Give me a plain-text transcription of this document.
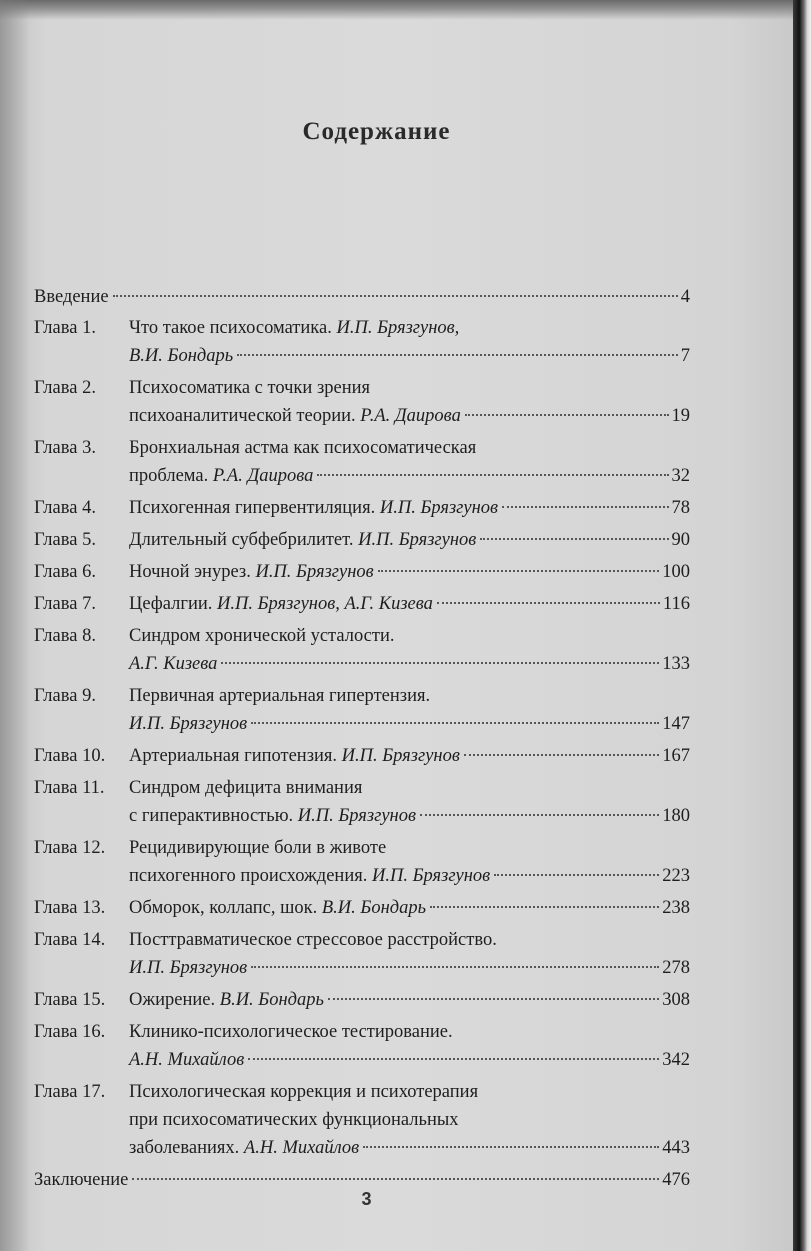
Содержание
Введение	4
Глава 1.	Что такое психосоматика. И.П. Брязгунов,
В.И. Бондарь	7
Глава 2.	Психосоматика с точки зрения
психоаналитической теории. Р.А. Даирова	19
Глава 3.	Бронхиальная астма как психосоматическая
проблема. Р.А. Даирова	32
Глава 4.	Психогенная гипервентиляция. И.П. Брязгунов	78
Глава 5.	Длительный субфебрилитет. И.П. Брязгунов	90
Глава 6.	Ночной энурез. И.П. Брязгунов	100
Глава 7.	Цефалгии. И.П. Брязгунов, А.Г. Кизева	116
Глава 8.	Синдром хронической усталости.
А.Г. Кизева	133
Глава 9.	Первичная артериальная гипертензия.
И.П. Брязгунов	147
Глава 10.	Артериальная гипотензия. И.П. Брязгунов	167
Глава 11.	Синдром дефицита внимания
с гиперактивностью. И.П. Брязгунов	180
Глава 12.	Рецидивирующие боли в животе
психогенного происхождения. И.П. Брязгунов	223
Глава 13.	Обморок, коллапс, шок. В.И. Бондарь	238
Глава 14.	Посттравматическое стрессовое расстройство.
И.П. Брязгунов	278
Глава 15.	Ожирение. В.И. Бондарь	308
Глава 16.	Клинико-психологическое тестирование.
А.Н. Михайлов	342
Глава 17.	Психологическая коррекция и психотерапия
при психосоматических функциональных
заболеваниях. А.Н. Михайлов	443
Заключение	476
3
